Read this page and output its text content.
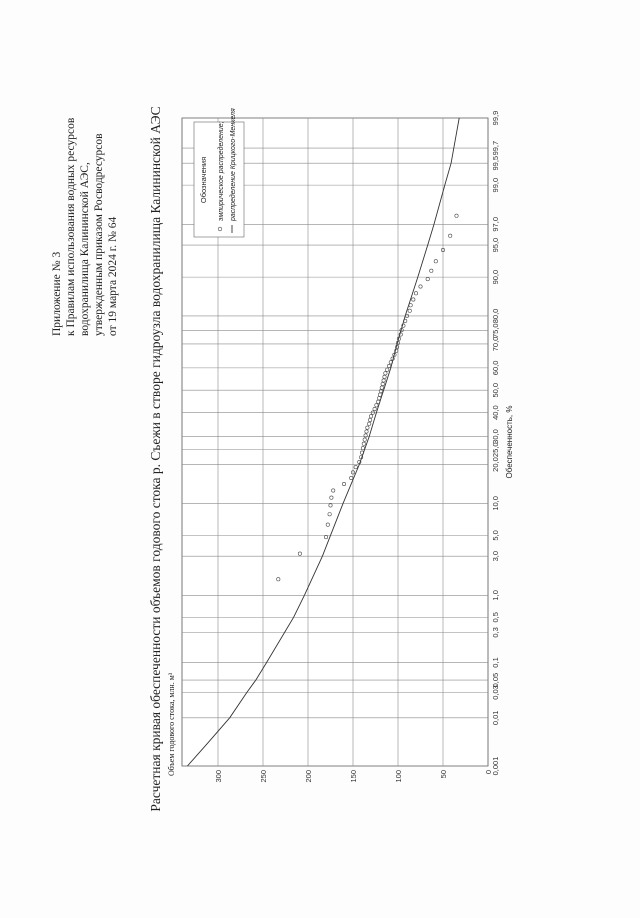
Приложение № 3 к Правилам использования водных ресурсов водохранилища Калининской АЭС, утвержденным приказом Росводресурсов от 19 марта 2024 г. № 64 Расчетная кривая обеспеченности объемов годового стока р. Съежи в створе гидроузла водохранилища Калининской АЭС	0,001
0,01
0,03
0,05
0,1
0,3
0,5
1,0
3,0
5,0
10,0
20,0
25,0
30,0
40,0
50,0
60,0
70,0
75,0
80,0
90,0
95,0
97,0
99,0
99,5
99,7
99,9
0
50
100
150
200
250
300
Объем годового стока, млн. м³
Обеспеченность, %
Обозначения эмпирическое распределение; распределение Крицкого-Менкеля
